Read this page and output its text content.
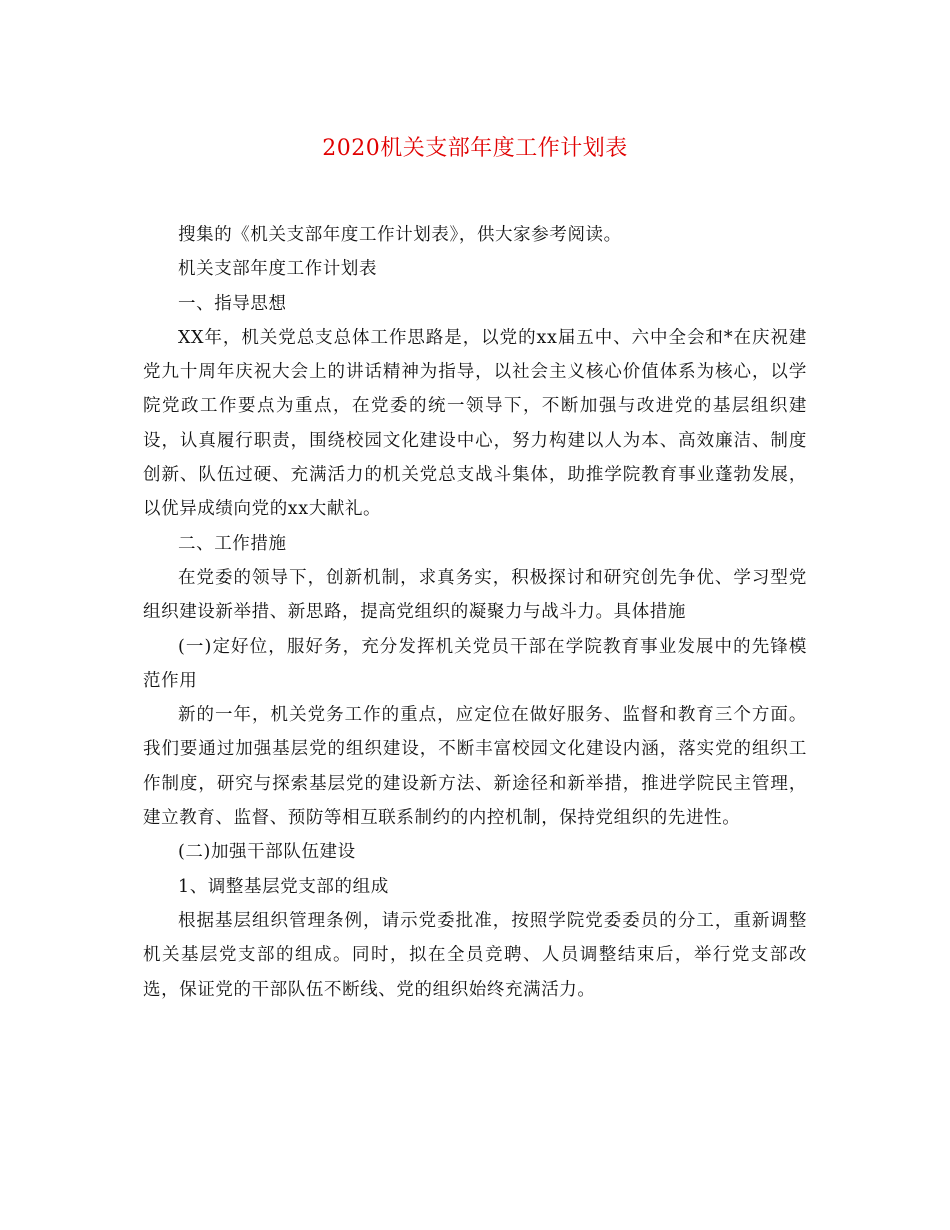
2020机关支部年度工作计划表

搜集的《机关支部年度工作计划表》，供大家参考阅读。

机关支部年度工作计划表

一、指导思想

XX年，机关党总支总体工作思路是，以党的xx届五中、六中全会和*在庆祝建党九十周年庆祝大会上的讲话精神为指导，以社会主义核心价值体系为核心，以学院党政工作要点为重点，在党委的统一领导下，不断加强与改进党的基层组织建设，认真履行职责，围绕校园文化建设中心，努力构建以人为本、高效廉洁、制度创新、队伍过硬、充满活力的机关党总支战斗集体，助推学院教育事业蓬勃发展，以优异成绩向党的xx大献礼。

二、工作措施

在党委的领导下，创新机制，求真务实，积极探讨和研究创先争优、学习型党组织建设新举措、新思路，提高党组织的凝聚力与战斗力。具体措施

(一)定好位，服好务，充分发挥机关党员干部在学院教育事业发展中的先锋模范作用

新的一年，机关党务工作的重点，应定位在做好服务、监督和教育三个方面。我们要通过加强基层党的组织建设，不断丰富校园文化建设内涵，落实党的组织工作制度，研究与探索基层党的建设新方法、新途径和新举措，推进学院民主管理，建立教育、监督、预防等相互联系制约的内控机制，保持党组织的先进性。

(二)加强干部队伍建设

1、调整基层党支部的组成

根据基层组织管理条例，请示党委批准，按照学院党委委员的分工，重新调整机关基层党支部的组成。同时，拟在全员竞聘、人员调整结束后，举行党支部改选，保证党的干部队伍不断线、党的组织始终充满活力。
